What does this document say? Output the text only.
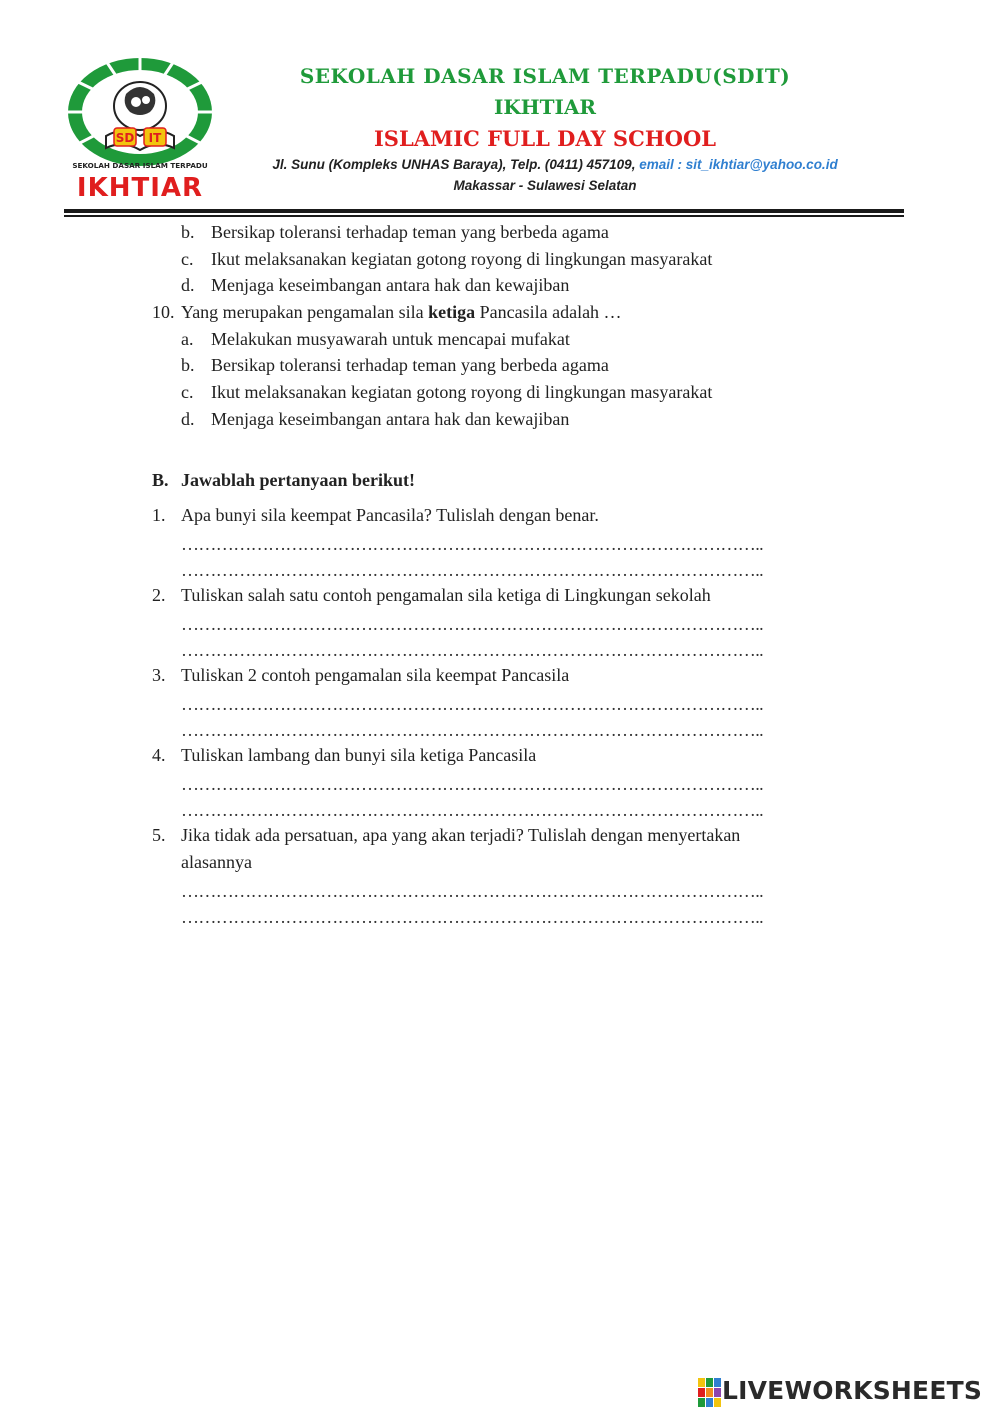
SD IT
SEKOLAH DASAR ISLAM TERPADU
IKHTIAR
SEKOLAH DASAR ISLAM TERPADU(SDIT)
IKHTIAR
ISLAMIC FULL DAY SCHOOL
Jl. Sunu (Kompleks UNHAS Baraya), Telp. (0411) 457109, email : sit_ikhtiar@yahoo.co.id
Makassar - Sulawesi Selatan
b. Bersikap toleransi terhadap teman yang berbeda agama
c. Ikut melaksanakan kegiatan gotong royong di lingkungan masyarakat
d. Menjaga keseimbangan antara hak dan kewajiban
10. Yang merupakan pengamalan sila ketiga Pancasila adalah …
a. Melakukan musyawarah untuk mencapai mufakat
b. Bersikap toleransi terhadap teman yang berbeda agama
c. Ikut melaksanakan kegiatan gotong royong di lingkungan masyarakat
d. Menjaga keseimbangan antara hak dan kewajiban
B. Jawablah pertanyaan berikut!
1. Apa bunyi sila keempat Pancasila? Tulislah dengan benar.
………………………………………………………………………………………..
………………………………………………………………………………………..
2. Tuliskan salah satu contoh pengamalan sila ketiga di Lingkungan sekolah
………………………………………………………………………………………..
………………………………………………………………………………………..
3. Tuliskan 2 contoh pengamalan sila keempat Pancasila
………………………………………………………………………………………..
………………………………………………………………………………………..
4. Tuliskan lambang dan bunyi sila ketiga Pancasila
………………………………………………………………………………………..
………………………………………………………………………………………..
5. Jika tidak ada persatuan, apa yang akan terjadi? Tulislah dengan menyertakan
alasannya
………………………………………………………………………………………..
………………………………………………………………………………………..
LIVEWORKSHEETS
